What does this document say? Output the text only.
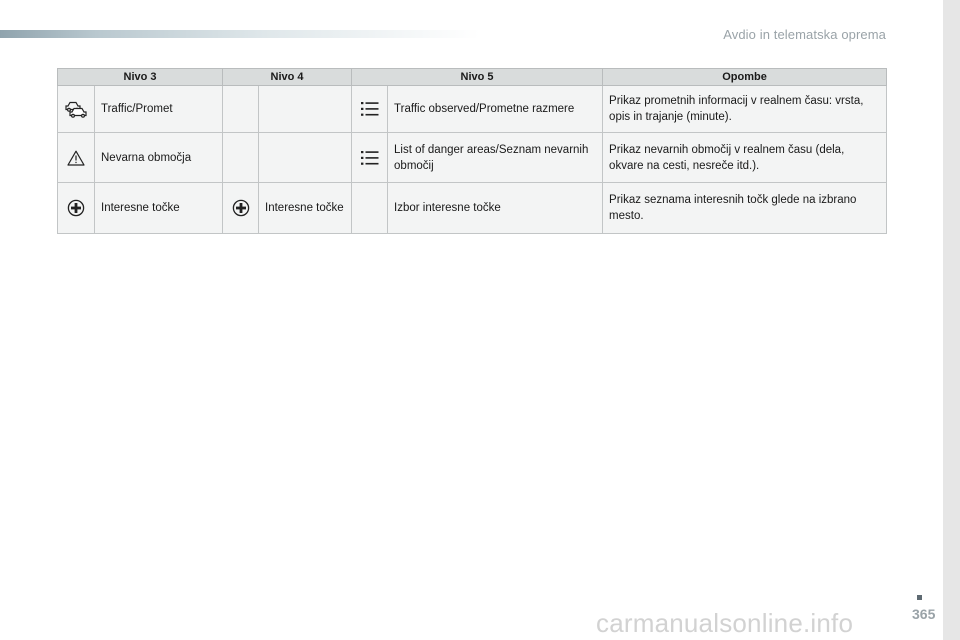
Avdio in telematska oprema
Nivo 3		Nivo 4		Nivo 5		Opombe

	Traffic/Promet				Traffic observed/Prometne razmere	Prikaz prometnih informacij v realnem času: vrsta, opis in trajanje (minute).

	Nevarna območja				List of danger areas/Seznam nevarnih območij	Prikaz nevarnih območij v realnem času (dela, okvare na cesti, nesreče itd.).

	Interesne točke		Interesne točke		Izbor interesne točke	Prikaz seznama interesnih točk glede na izbrano mesto.
365
carmanualsonline.info
